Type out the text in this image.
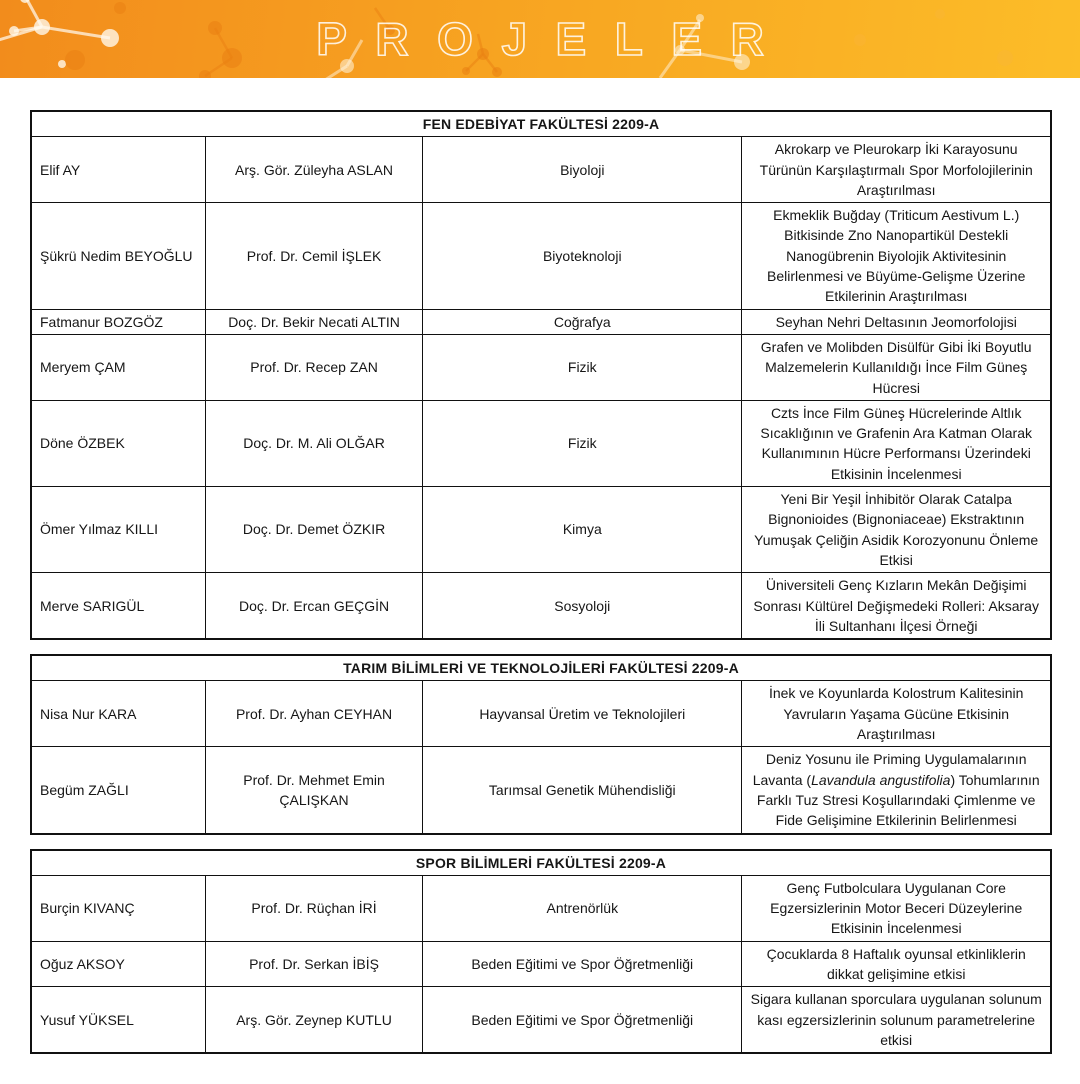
PROJELER
FEN EDEBİYAT FAKÜLTESİ 2209-A			
Elif AY	Arş. Gör. Züleyha ASLAN	Biyoloji	Akrokarp ve Pleurokarp İki Karayosunu Türünün Karşılaştırmalı Spor Morfolojilerinin Araştırılması
Şükrü Nedim BEYOĞLU	Prof. Dr. Cemil İŞLEK	Biyoteknoloji	Ekmeklik Buğday (Triticum Aestivum L.) Bitkisinde Zno Nanopartikül Destekli Nanogübrenin Biyolojik Aktivitesinin Belirlenmesi ve Büyüme-Gelişme Üzerine Etkilerinin Araştırılması
Fatmanur BOZGÖZ	Doç. Dr. Bekir Necati ALTIN	Coğrafya	Seyhan Nehri Deltasının Jeomorfolojisi
Meryem ÇAM	Prof. Dr. Recep ZAN	Fizik	Grafen ve Molibden Disülfür Gibi İki Boyutlu Malzemelerin Kullanıldığı İnce Film Güneş Hücresi
Döne ÖZBEK	Doç. Dr. M. Ali OLĞAR	Fizik	Czts İnce Film Güneş Hücrelerinde Altlık Sıcaklığının ve Grafenin Ara Katman Olarak Kullanımının Hücre Performansı Üzerindeki Etkisinin İncelenmesi
Ömer Yılmaz KILLI	Doç. Dr. Demet ÖZKIR	Kimya	Yeni Bir Yeşil İnhibitör Olarak Catalpa Bignonioides (Bignoniaceae) Ekstraktının Yumuşak Çeliğin Asidik Korozyonunu Önleme Etkisi
Merve SARIGÜL	Doç. Dr. Ercan GEÇGİN	Sosyoloji	Üniversiteli Genç Kızların Mekân Değişimi Sonrası Kültürel Değişmedeki Rolleri: Aksaray İli Sultanhanı İlçesi Örneği
TARIM BİLİMLERİ VE TEKNOLOJİLERİ FAKÜLTESİ 2209-A			
Nisa Nur KARA	Prof. Dr. Ayhan CEYHAN	Hayvansal Üretim ve Teknolojileri	İnek ve Koyunlarda Kolostrum Kalitesinin Yavruların Yaşama Gücüne Etkisinin Araştırılması
Begüm ZAĞLI	Prof. Dr. Mehmet Emin ÇALIŞKAN	Tarımsal Genetik Mühendisliği	Deniz Yosunu ile Priming Uygulamalarının Lavanta (Lavandula angustifolia) Tohumlarının Farklı Tuz Stresi Koşullarındaki Çimlenme ve Fide Gelişimine Etkilerinin Belirlenmesi
SPOR BİLİMLERİ FAKÜLTESİ 2209-A			
Burçin KIVANÇ	Prof. Dr. Rüçhan İRİ	Antrenörlük	Genç Futbolculara Uygulanan Core Egzersizlerinin Motor Beceri Düzeylerine Etkisinin İncelenmesi
Oğuz AKSOY	Prof. Dr. Serkan İBİŞ	Beden Eğitimi ve Spor Öğretmenliği	Çocuklarda 8 Haftalık oyunsal etkinliklerin dikkat gelişimine etkisi
Yusuf YÜKSEL	Arş. Gör. Zeynep KUTLU	Beden Eğitimi ve Spor Öğretmenliği	Sigara kullanan sporculara uygulanan solunum kası egzersizlerinin solunum parametrelerine etkisi
